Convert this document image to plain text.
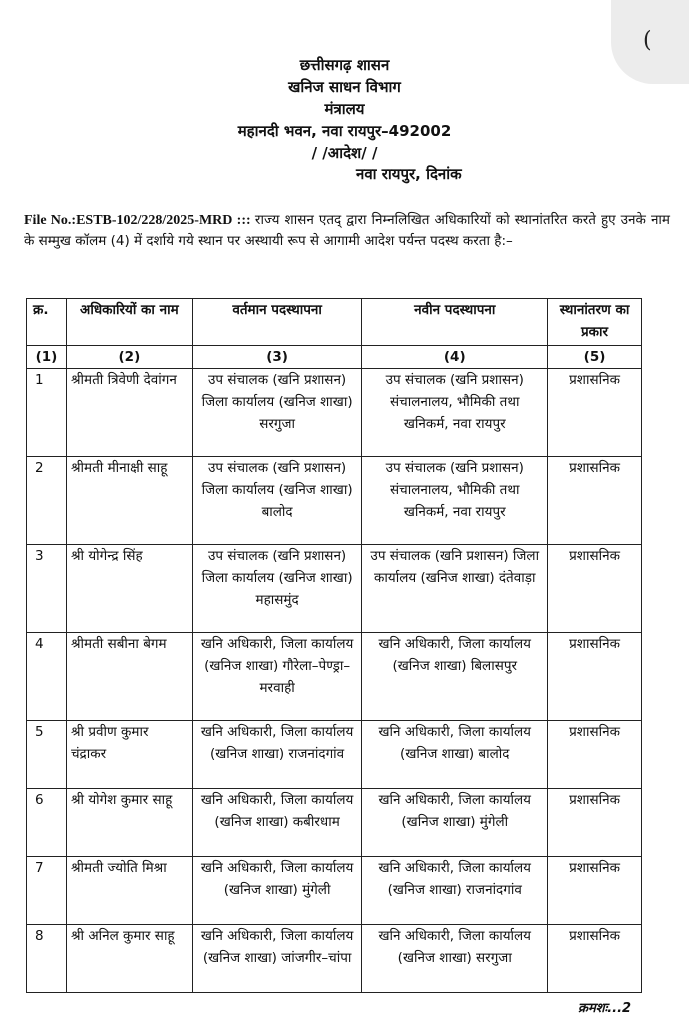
(
छत्तीसगढ़ शासन
खनिज साधन विभाग
मंत्रालय
महानदी भवन, नवा रायपुर–492002
/ /आदेश/ /
नवा रायपुर, दिनांक
File No.:ESTB-102/228/2025-MRD ::: राज्य शासन एतद् द्वारा निम्नलिखित अधिकारियों को स्थानांतरित करते हुए उनके नाम के सम्मुख कॉलम (4) में दर्शाये गये स्थान पर अस्थायी रूप से आगामी आदेश पर्यन्त पदस्थ करता है:–
क्र.	अधिकारियों का नाम	वर्तमान पदस्थापना	नवीन पदस्थापना	स्थानांतरण का प्रकार
(1)	(2)	(3)	(4)	(5)
1	श्रीमती त्रिवेणी देवांगन	उप संचालक (खनि प्रशासन) जिला कार्यालय (खनिज शाखा) सरगुजा	उप संचालक (खनि प्रशासन) संचालनालय, भौमिकी तथा खनिकर्म, नवा रायपुर	प्रशासनिक
2	श्रीमती मीनाक्षी साहू	उप संचालक (खनि प्रशासन) जिला कार्यालय (खनिज शाखा) बालोद	उप संचालक (खनि प्रशासन) संचालनालय, भौमिकी तथा खनिकर्म, नवा रायपुर	प्रशासनिक
3	श्री योगेन्द्र सिंह	उप संचालक (खनि प्रशासन) जिला कार्यालय (खनिज शाखा) महासमुंद	उप संचालक (खनि प्रशासन) जिला कार्यालय (खनिज शाखा) दंतेवाड़ा	प्रशासनिक
4	श्रीमती सबीना बेगम	खनि अधिकारी, जिला कार्यालय (खनिज शाखा) गौरेला–पेण्ड्रा–मरवाही	खनि अधिकारी, जिला कार्यालय (खनिज शाखा) बिलासपुर	प्रशासनिक
5	श्री प्रवीण कुमार चंद्राकर	खनि अधिकारी, जिला कार्यालय (खनिज शाखा) राजनांदगांव	खनि अधिकारी, जिला कार्यालय (खनिज शाखा) बालोद	प्रशासनिक
6	श्री योगेश कुमार साहू	खनि अधिकारी, जिला कार्यालय (खनिज शाखा) कबीरधाम	खनि अधिकारी, जिला कार्यालय (खनिज शाखा) मुंगेली	प्रशासनिक
7	श्रीमती ज्योति मिश्रा	खनि अधिकारी, जिला कार्यालय (खनिज शाखा) मुंगेली	खनि अधिकारी, जिला कार्यालय (खनिज शाखा) राजनांदगांव	प्रशासनिक
8	श्री अनिल कुमार साहू	खनि अधिकारी, जिला कार्यालय (खनिज शाखा) जांजगीर–चांपा	खनि अधिकारी, जिला कार्यालय (खनिज शाखा) सरगुजा	प्रशासनिक
क्रमशः...2
